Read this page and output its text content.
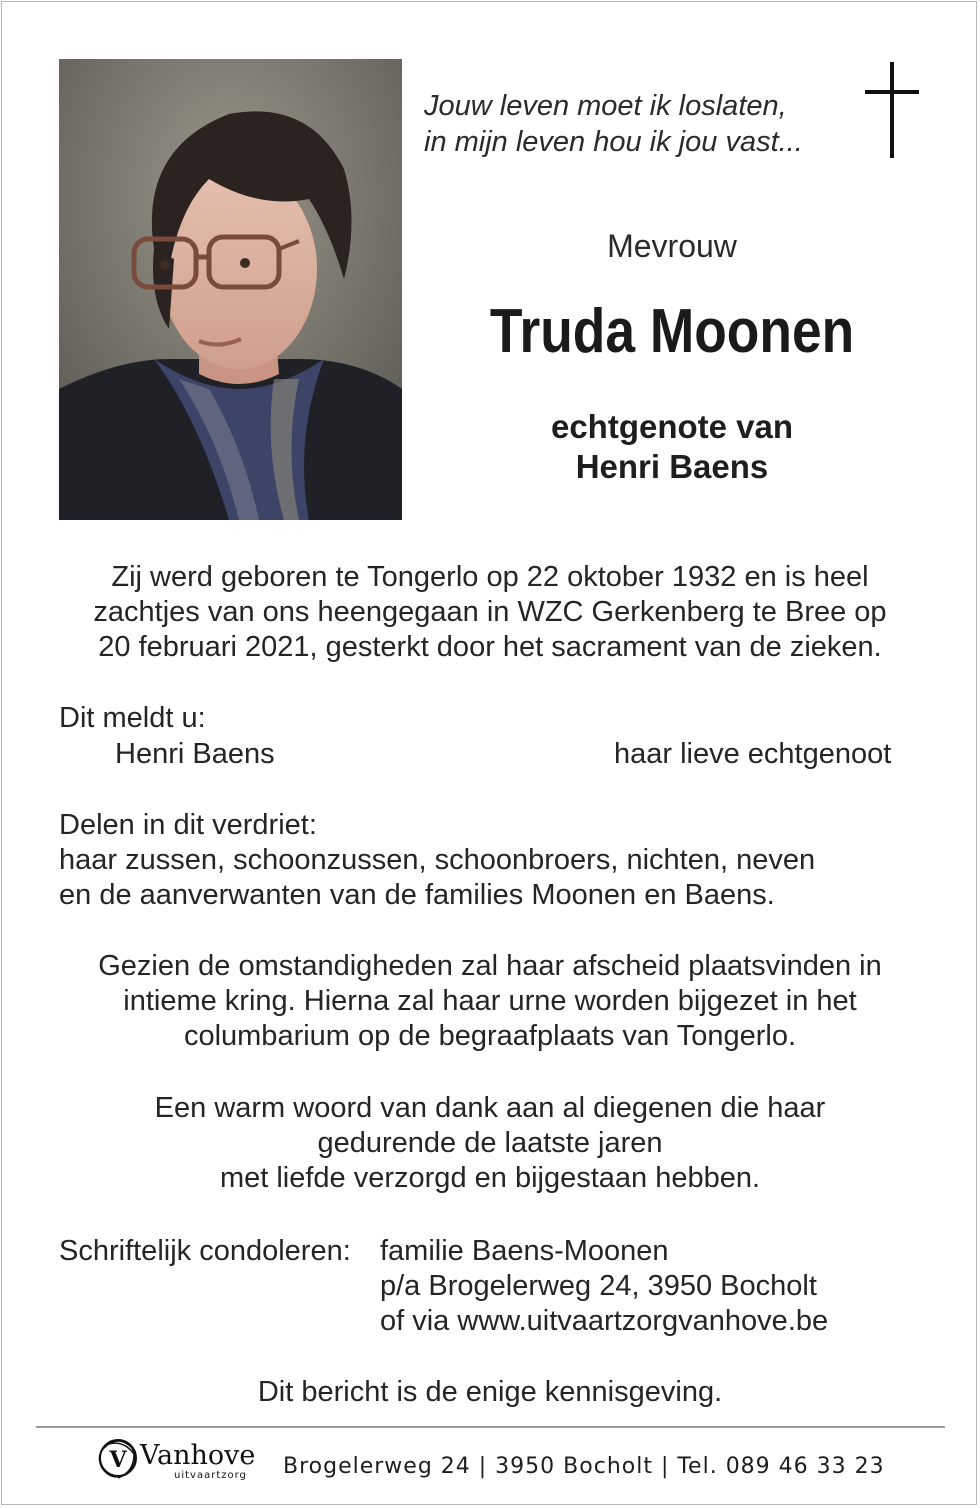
Jouw leven moet ik loslaten,
in mijn leven hou ik jou vast...
Mevrouw
Truda Moonen
echtgenote van
Henri Baens
Zij werd geboren te Tongerlo op 22 oktober 1932 en is heel
zachtjes van ons heengegaan in WZC Gerkenberg te Bree op
20 februari 2021, gesterkt door het sacrament van de zieken.
Dit meldt u:
Henri Baens	haar lieve echtgenoot
Delen in dit verdriet:
haar zussen, schoonzussen, schoonbroers, nichten, neven
en de aanverwanten van de families Moonen en Baens.
Gezien de omstandigheden zal haar afscheid plaatsvinden in
intieme kring. Hierna zal haar urne worden bijgezet in het
columbarium op de begraafplaats van Tongerlo.
Een warm woord van dank aan al diegenen die haar
gedurende de laatste jaren
met liefde verzorgd en bijgestaan hebben.
Schriftelijk condoleren: familie Baens-Moonen
p/a Brogelerweg 24, 3950 Bocholt
of via www.uitvaartzorgvanhove.be
Dit bericht is de enige kennisgeving.
V Vanhove
uitvaartzorg Brogelerweg 24 | 3950 Bocholt | Tel. 089 46 33 23
